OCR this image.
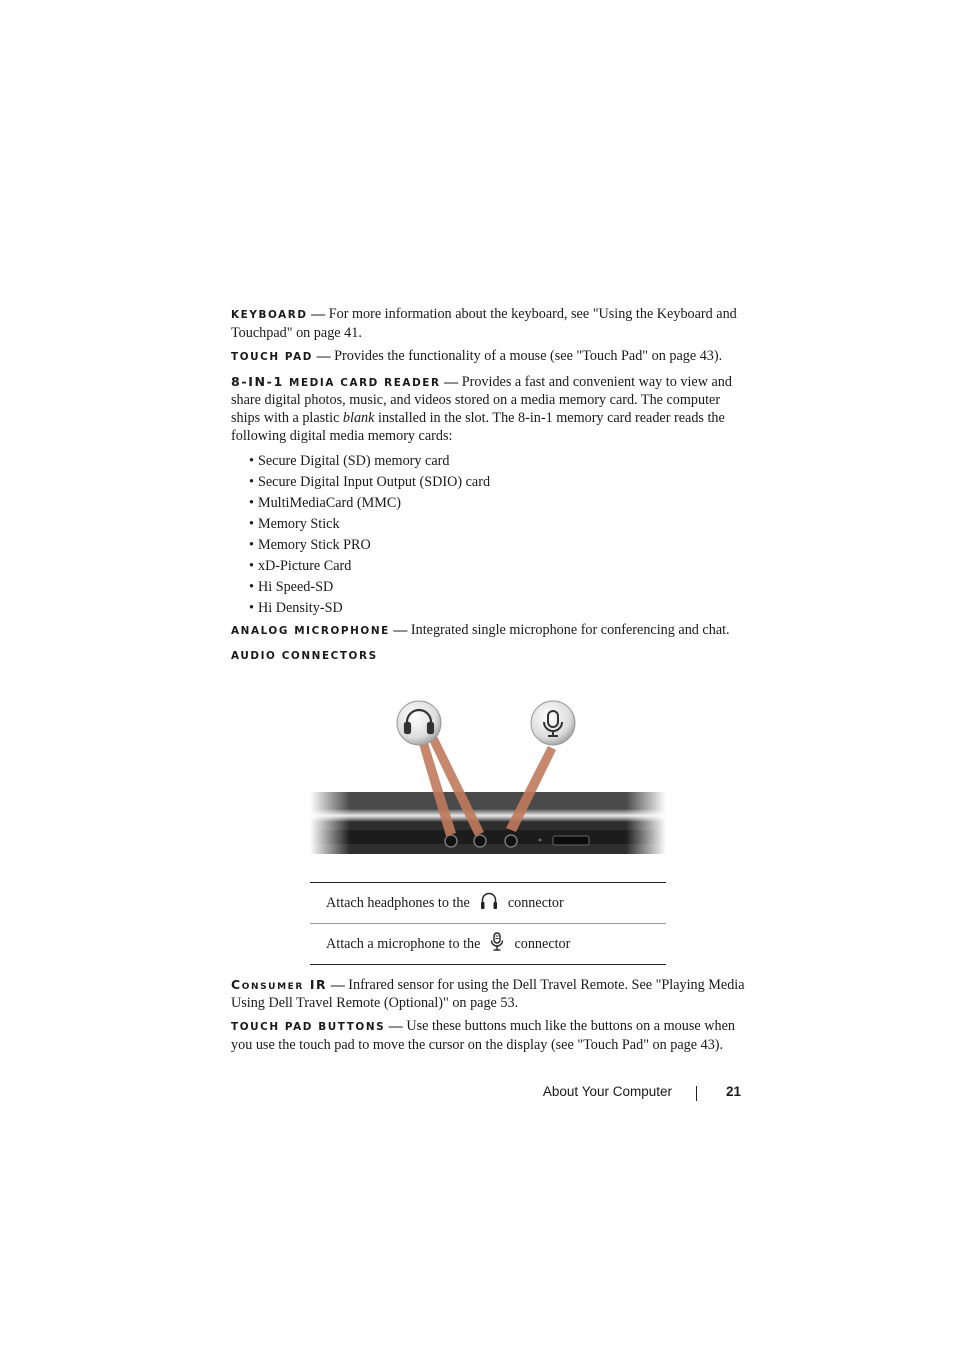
KEYBOARD — For more information about the keyboard, see "Using the Keyboard and Touchpad" on page 41.

TOUCH PAD — Provides the functionality of a mouse (see "Touch Pad" on page 43).

8-IN-1 MEDIA CARD READER — Provides a fast and convenient way to view and share digital photos, music, and videos stored on a media memory card. The computer ships with a plastic blank installed in the slot. The 8-in-1 memory card reader reads the following digital media memory cards:

• Secure Digital (SD) memory card
• Secure Digital Input Output (SDIO) card
• MultiMediaCard (MMC)
• Memory Stick
• Memory Stick PRO
• xD-Picture Card
• Hi Speed-SD
• Hi Density-SD

ANALOG MICROPHONE — Integrated single microphone for conferencing and chat.

AUDIO CONNECTORS

Attach headphones to the	connector
Attach a microphone to the connector

Consumer IR — Infrared sensor for using the Dell Travel Remote. See "Playing Media Using Dell Travel Remote (Optional)" on page 53.

TOUCH PAD BUTTONS — Use these buttons much like the buttons on a mouse when you use the touch pad to move the cursor on the display (see "Touch Pad" on page 43).

About Your Computer	21
